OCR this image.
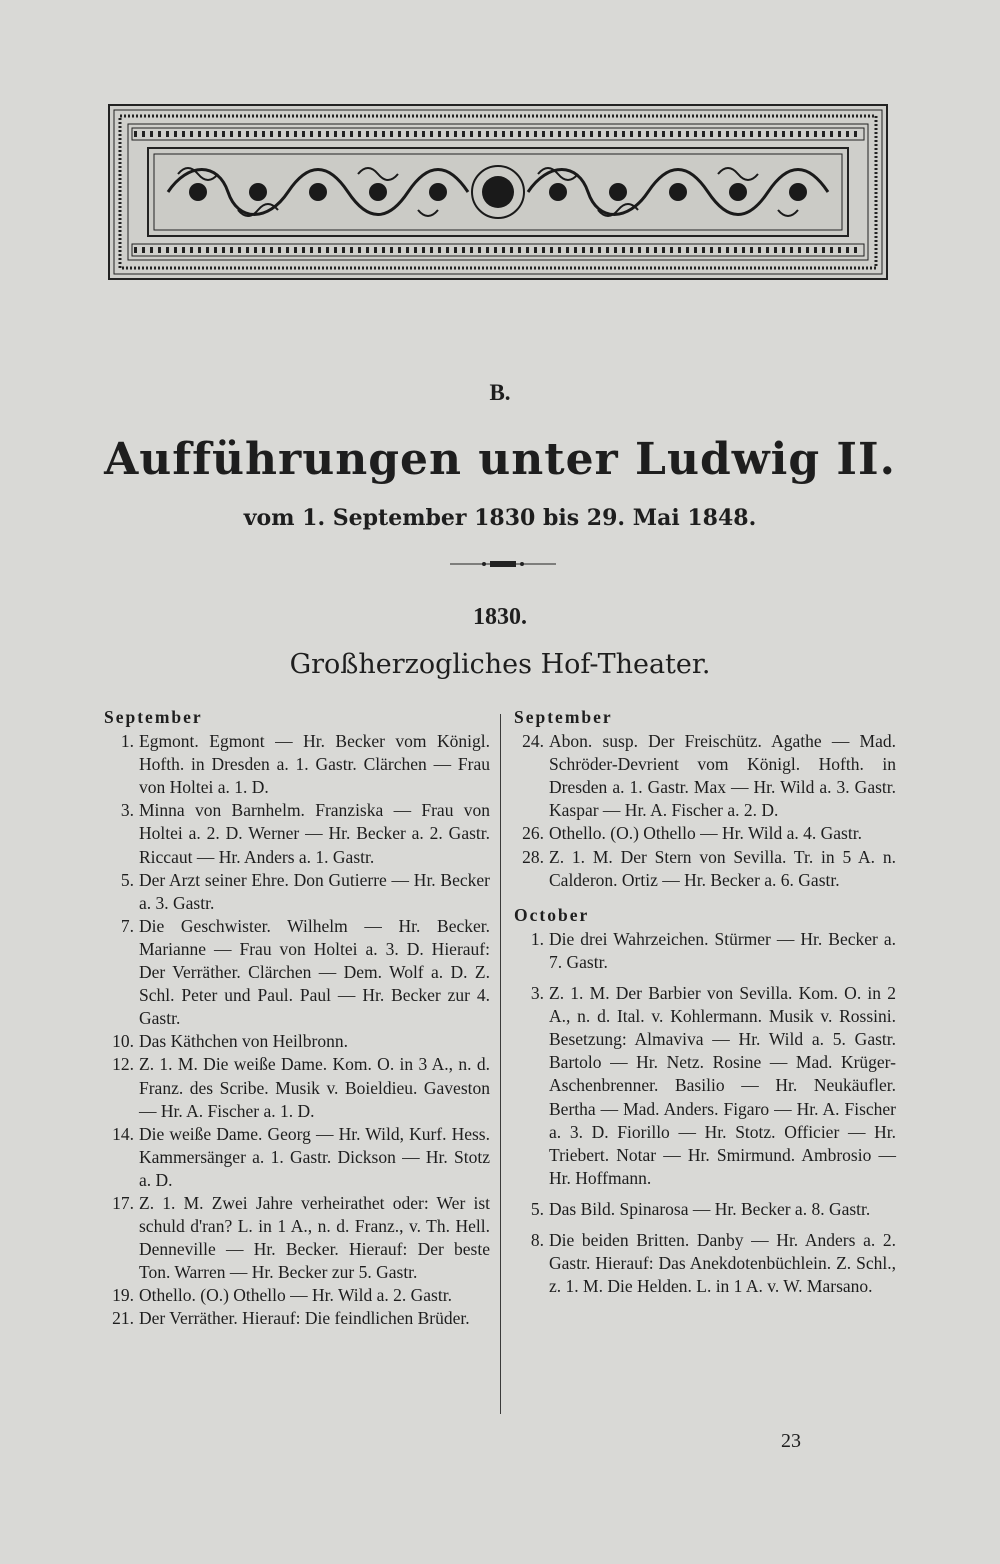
B.
Aufführungen unter Ludwig II.
vom 1. September 1830 bis 29. Mai 1848.
1830.
Großherzogliches Hof-Theater.
September
1. Egmont. Egmont — Hr. Becker vom Königl. Hofth. in Dresden a. 1. Gastr. Clärchen — Frau von Holtei a. 1. D.
3. Minna von Barnhelm. Franziska — Frau von Holtei a. 2. D. Werner — Hr. Becker a. 2. Gastr. Riccaut — Hr. Anders a. 1. Gastr.
5. Der Arzt seiner Ehre. Don Gutierre — Hr. Becker a. 3. Gastr.
7. Die Geschwister. Wilhelm — Hr. Becker. Marianne — Frau von Holtei a. 3. D. Hierauf: Der Verräther. Clärchen — Dem. Wolf a. D. Z. Schl. Peter und Paul. Paul — Hr. Becker zur 4. Gastr.
10. Das Käthchen von Heilbronn.
12. Z. 1. M. Die weiße Dame. Kom. O. in 3 A., n. d. Franz. des Scribe. Musik v. Boieldieu. Gaveston — Hr. A. Fischer a. 1. D.
14. Die weiße Dame. Georg — Hr. Wild, Kurf. Hess. Kammersänger a. 1. Gastr. Dickson — Hr. Stotz a. D.
17. Z. 1. M. Zwei Jahre verheirathet oder: Wer ist schuld d'ran? L. in 1 A., n. d. Franz., v. Th. Hell. Denneville — Hr. Becker. Hierauf: Der beste Ton. Warren — Hr. Becker zur 5. Gastr.
19. Othello. (O.) Othello — Hr. Wild a. 2. Gastr.
21. Der Verräther. Hierauf: Die feindlichen Brüder.
September
24. Abon. susp. Der Freischütz. Agathe — Mad. Schröder-Devrient vom Königl. Hofth. in Dresden a. 1. Gastr. Max — Hr. Wild a. 3. Gastr. Kaspar — Hr. A. Fischer a. 2. D.
26. Othello. (O.) Othello — Hr. Wild a. 4. Gastr.
28. Z. 1. M. Der Stern von Sevilla. Tr. in 5 A. n. Calderon. Ortiz — Hr. Becker a. 6. Gastr.
October
1. Die drei Wahrzeichen. Stürmer — Hr. Becker a. 7. Gastr.
3. Z. 1. M. Der Barbier von Sevilla. Kom. O. in 2 A., n. d. Ital. v. Kohlermann. Musik v. Rossini. Besetzung: Almaviva — Hr. Wild a. 5. Gastr. Bartolo — Hr. Netz. Rosine — Mad. Krüger-Aschenbrenner. Basilio — Hr. Neukäufler. Bertha — Mad. Anders. Figaro — Hr. A. Fischer a. 3. D. Fiorillo — Hr. Stotz. Officier — Hr. Triebert. Notar — Hr. Smirmund. Ambrosio — Hr. Hoffmann.
5. Das Bild. Spinarosa — Hr. Becker a. 8. Gastr.
8. Die beiden Britten. Danby — Hr. Anders a. 2. Gastr. Hierauf: Das Anekdotenbüchlein. Z. Schl., z. 1. M. Die Helden. L. in 1 A. v. W. Marsano.
23
